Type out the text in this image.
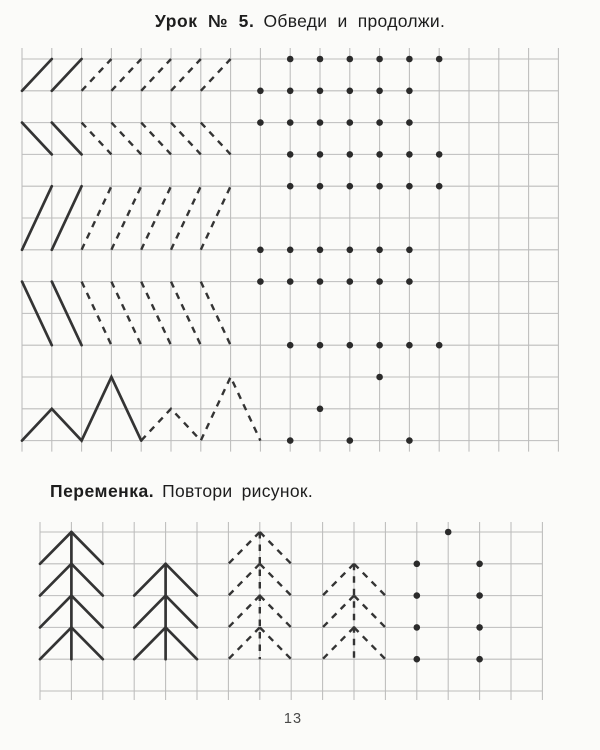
Урок № 5. Обведи и продолжи.
Переменка. Повтори рисунок.
13
